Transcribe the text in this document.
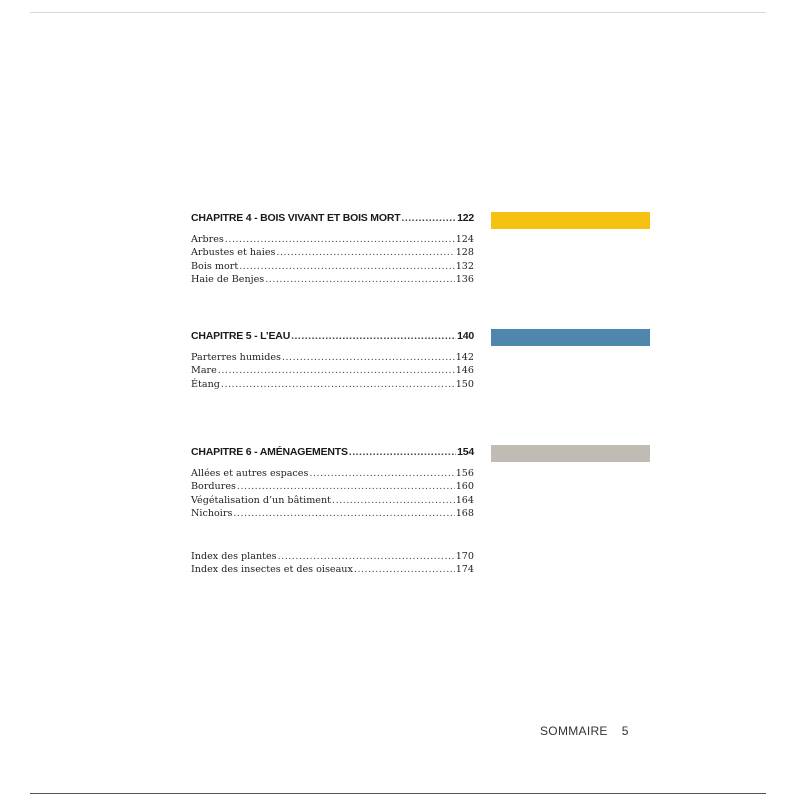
CHAPITRE 4 - BOIS VIVANT ET BOIS MORT .....	122
Arbres .....	124
Arbustes et haies .....	128
Bois mort .....	132
Haie de Benjes .....	136
CHAPITRE 5 - L’EAU .....	140
Parterres humides .....	142
Mare .....	146
Étang .....	150
CHAPITRE 6 - AMÉNAGEMENTS .....	154
Allées et autres espaces .....	156
Bordures .....	160
Végétalisation d’un bâtiment .....	164
Nichoirs .....	168
Index des plantes .....	170
Index des insectes et des oiseaux .....	174
SOMMAIRE 5
